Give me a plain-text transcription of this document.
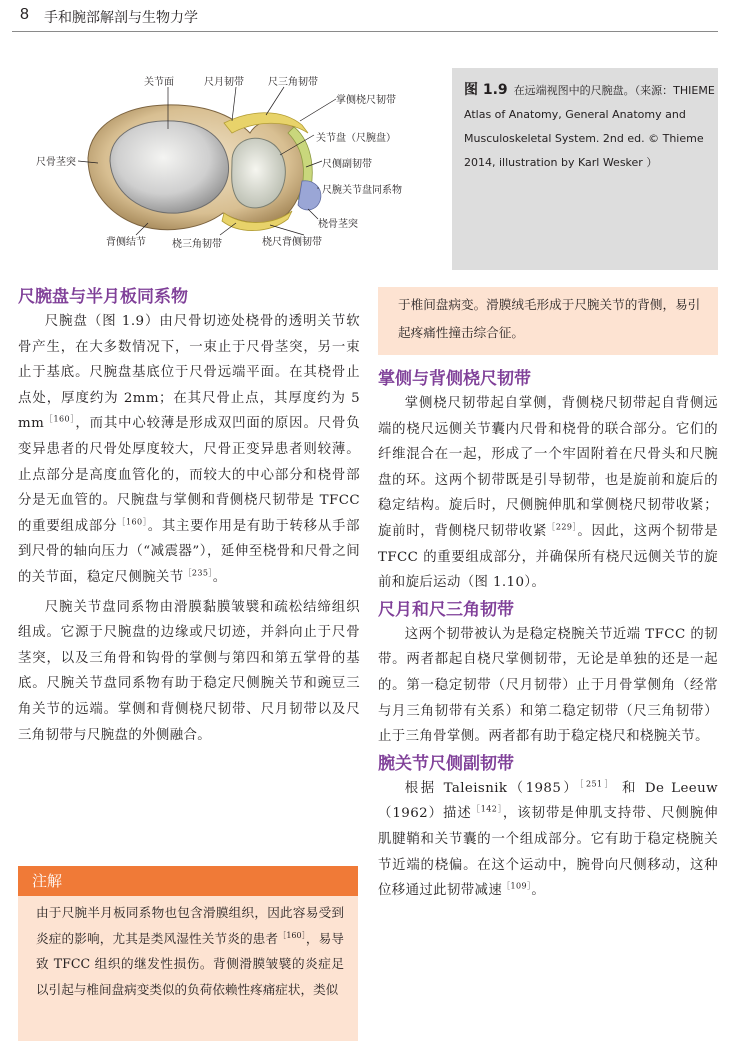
8 手和腕部解剖与生物力学
关节面	尺月韧带 尺三角韧带
掌侧桡尺韧带
关节盘（尺腕盘）
尺侧副韧带
尺腕关节盘同系物
尺骨茎突
桡骨茎突
桡尺背侧韧带
桡三角韧带
背侧结节
图 1.9 在远端视图中的尺腕盘。（来源：THIEME Atlas of Anatomy, General Anatomy and Musculoskeletal System. 2nd ed. © Thieme 2014, illustration by Karl Wesker ）
尺腕盘与半月板同系物

尺腕盘（图 1.9）由尺骨切迹处桡骨的透明关节软骨产生，在大多数情况下，一束止于尺骨茎突，另一束止于基底。尺腕盘基底位于尺骨远端平面。在其桡骨止点处，厚度约为 2mm；在其尺骨止点，其厚度约为 5 mm$^{[160]}$，而其中心较薄是形成双凹面的原因。尺骨负变异患者的尺骨处厚度较大，尺骨正变异患者则较薄。止点部分是高度血管化的，而较大的中心部分和桡骨部分是无血管的。尺腕盘与掌侧和背侧桡尺韧带是 TFCC 的重要组成部分$^{[160]}$。其主要作用是有助于转移从手部到尺骨的轴向压力（“减震器”），延伸至桡骨和尺骨之间的关节面，稳定尺侧腕关节$^{[235]}$。

尺腕关节盘同系物由滑膜黏膜皱襞和疏松结缔组织组成。它源于尺腕盘的边缘或尺切迹，并斜向止于尺骨茎突，以及三角骨和钩骨的掌侧与第四和第五掌骨的基底。尺腕关节盘同系物有助于稳定尺侧腕关节和豌豆三角关节的远端。掌侧和背侧桡尺韧带、尺月韧带以及尺三角韧带与尺腕盘的外侧融合。

注解
由于尺腕半月板同系物也包含滑膜组织，因此容易受到炎症的影响，尤其是类风湿性关节炎的患者$^{[160]}$，易导致 TFCC 组织的继发性损伤。背侧滑膜皱襞的炎症足以引起与椎间盘病变类似的负荷依赖性疼痛症状，类似
于椎间盘病变。滑膜绒毛形成于尺腕关节的背侧，易引起疼痛性撞击综合征。
掌侧与背侧桡尺韧带

掌侧桡尺韧带起自掌侧，背侧桡尺韧带起自背侧远端的桡尺远侧关节囊内尺骨和桡骨的联合部分。它们的纤维混合在一起，形成了一个牢固附着在尺骨头和尺腕盘的环。这两个韧带既是引导韧带，也是旋前和旋后的稳定结构。旋后时，尺侧腕伸肌和掌侧桡尺韧带收紧；旋前时，背侧桡尺韧带收紧$^{[229]}$。因此，这两个韧带是 TFCC 的重要组成部分，并确保所有桡尺远侧关节的旋前和旋后运动（图 1.10）。

尺月和尺三角韧带

这两个韧带被认为是稳定桡腕关节近端 TFCC 的韧带。两者都起自桡尺掌侧韧带，无论是单独的还是一起的。第一稳定韧带（尺月韧带）止于月骨掌侧角（经常与月三角韧带有关系）和第二稳定韧带（尺三角韧带）止于三角骨掌侧。两者都有助于稳定桡尺和桡腕关节。

腕关节尺侧副韧带

根据 Taleisnik（1985）$^{[251]}$ 和 De Leeuw（1962）描述$^{[142]}$，该韧带是伸肌支持带、尺侧腕伸肌腱鞘和关节囊的一个组成部分。它有助于稳定桡腕关节近端的桡偏。在这个运动中，腕骨向尺侧移动，这种位移通过此韧带减速$^{[109]}$。
